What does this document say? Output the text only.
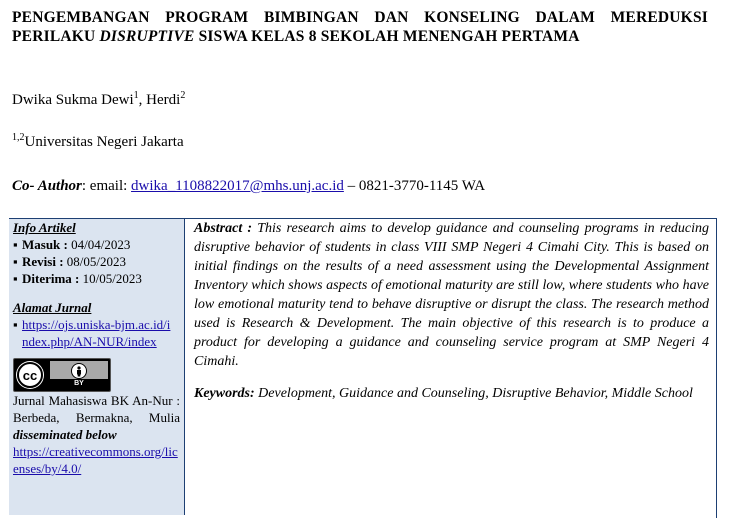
PENGEMBANGAN PROGRAM BIMBINGAN DAN KONSELING DALAM MEREDUKSI PERILAKU DISRUPTIVE SISWA KELAS 8 SEKOLAH MENENGAH PERTAMA
Dwika Sukma Dewi$^1$, Herdi$^2$
$^{1,2}$Universitas Negeri Jakarta
Co- Author: email: dwika_1108822017@mhs.unj.ac.id – 0821-3770-1145 WA
Info Artikel
▪ Masuk : 04/04/2023
▪ Revisi : 08/05/2023
▪ Diterima : 10/05/2023
Alamat Jurnal
▪ https://ojs.uniska-bjm.ac.id/index.php/AN-NUR/index
cc
BY
Jurnal Mahasiswa BK An-Nur : Berbeda, Bermakna, Mulia disseminated below
https://creativecommons.org/licenses/by/4.0/
Abstract : This research aims to develop guidance and counseling programs in reducing disruptive behavior of students in class VIII SMP Negeri 4 Cimahi City. This is based on initial findings on the results of a need assessment using the Developmental Assignment Inventory which shows aspects of emotional maturity are still low, where students who have low emotional maturity tend to behave disruptive or disrupt the class. The research method used is Research & Development. The main objective of this research is to produce a product for developing a guidance and counseling service program at SMP Negeri 4 Cimahi.
Keywords: Development, Guidance and Counseling, Disruptive Behavior, Middle School
